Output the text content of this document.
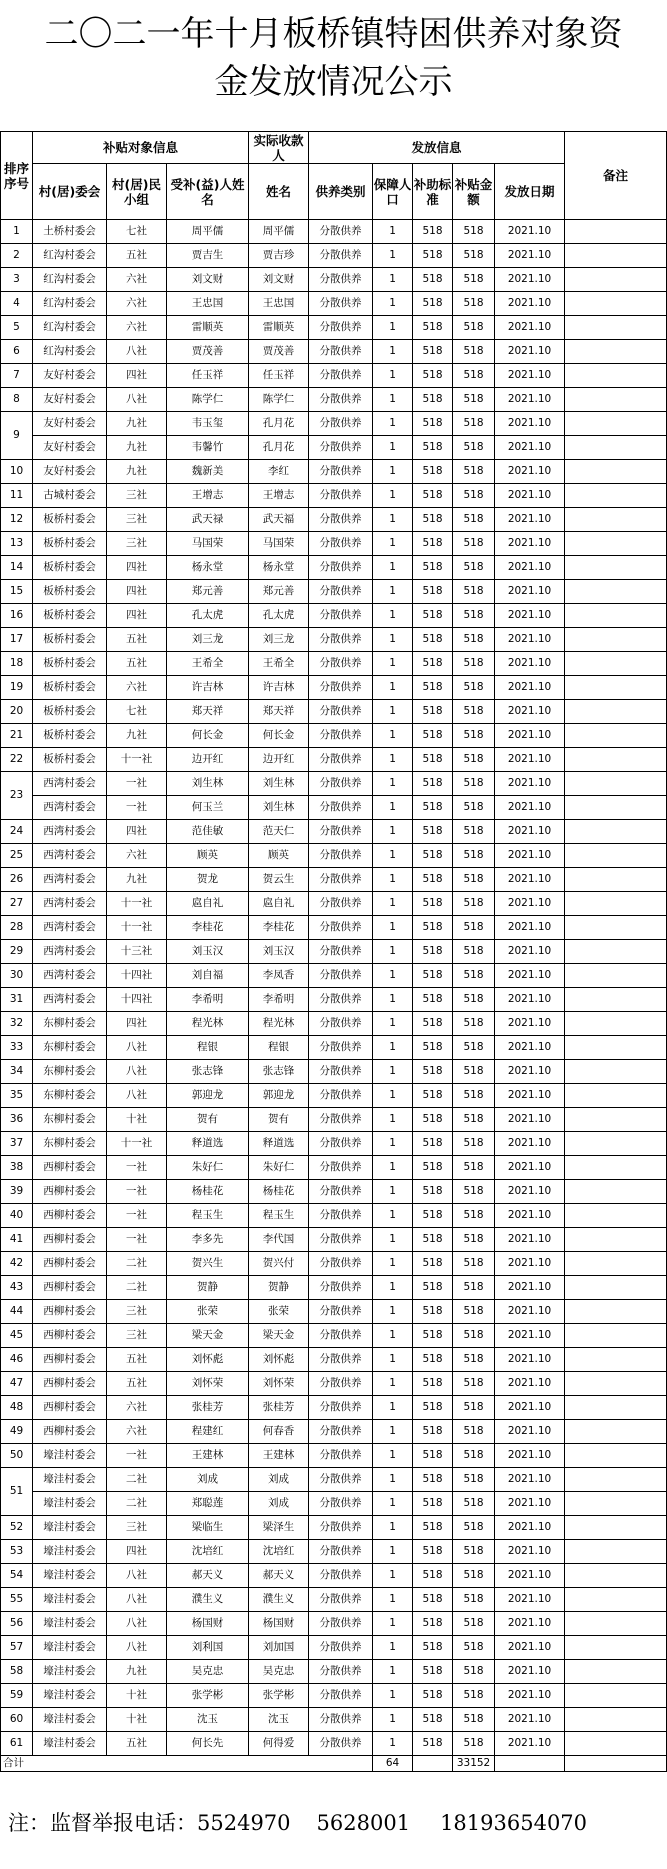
二〇二一年十月板桥镇特困供养对象资
金发放情况公示
排序序号	补贴对象信息			实际收款人	发放信息					备注
	村(居)委会	村(居)民小组	受补(益)人姓名	姓名	供养类别	保障人口	补助标准	补贴金额	发放日期	
1	土桥村委会	七社	周平儒	周平儒	分散供养	1	518	518	2021.10	
2	红沟村委会	五社	贾吉生	贾吉珍	分散供养	1	518	518	2021.10	
3	红沟村委会	六社	刘文财	刘文财	分散供养	1	518	518	2021.10	
4	红沟村委会	六社	王忠国	王忠国	分散供养	1	518	518	2021.10	
5	红沟村委会	六社	雷顺英	雷顺英	分散供养	1	518	518	2021.10	
6	红沟村委会	八社	贾茂善	贾茂善	分散供养	1	518	518	2021.10	
7	友好村委会	四社	任玉祥	任玉祥	分散供养	1	518	518	2021.10	
8	友好村委会	八社	陈学仁	陈学仁	分散供养	1	518	518	2021.10	
9	友好村委会	九社	韦玉玺	孔月花	分散供养	1	518	518	2021.10	
	友好村委会	九社	韦馨竹	孔月花	分散供养	1	518	518	2021.10	
10	友好村委会	九社	魏新美	李红	分散供养	1	518	518	2021.10	
11	古城村委会	三社	王增志	王增志	分散供养	1	518	518	2021.10	
12	板桥村委会	三社	武天禄	武天福	分散供养	1	518	518	2021.10	
13	板桥村委会	三社	马国荣	马国荣	分散供养	1	518	518	2021.10	
14	板桥村委会	四社	杨永堂	杨永堂	分散供养	1	518	518	2021.10	
15	板桥村委会	四社	郑元善	郑元善	分散供养	1	518	518	2021.10	
16	板桥村委会	四社	孔太虎	孔太虎	分散供养	1	518	518	2021.10	
17	板桥村委会	五社	刘三龙	刘三龙	分散供养	1	518	518	2021.10	
18	板桥村委会	五社	王希全	王希全	分散供养	1	518	518	2021.10	
19	板桥村委会	六社	许吉林	许吉林	分散供养	1	518	518	2021.10	
20	板桥村委会	七社	郑天祥	郑天祥	分散供养	1	518	518	2021.10	
21	板桥村委会	九社	何长金	何长金	分散供养	1	518	518	2021.10	
22	板桥村委会	十一社	边开红	边开红	分散供养	1	518	518	2021.10	
23	西湾村委会	一社	刘生林	刘生林	分散供养	1	518	518	2021.10	
	西湾村委会	一社	何玉兰	刘生林	分散供养	1	518	518	2021.10	
24	西湾村委会	四社	范佳敏	范天仁	分散供养	1	518	518	2021.10	
25	西湾村委会	六社	顾英	顾英	分散供养	1	518	518	2021.10	
26	西湾村委会	九社	贺龙	贺云生	分散供养	1	518	518	2021.10	
27	西湾村委会	十一社	扈自礼	扈自礼	分散供养	1	518	518	2021.10	
28	西湾村委会	十一社	李桂花	李桂花	分散供养	1	518	518	2021.10	
29	西湾村委会	十三社	刘玉汉	刘玉汉	分散供养	1	518	518	2021.10	
30	西湾村委会	十四社	刘自福	李凤香	分散供养	1	518	518	2021.10	
31	西湾村委会	十四社	李希明	李希明	分散供养	1	518	518	2021.10	
32	东柳村委会	四社	程光林	程光林	分散供养	1	518	518	2021.10	
33	东柳村委会	八社	程银	程银	分散供养	1	518	518	2021.10	
34	东柳村委会	八社	张志锋	张志锋	分散供养	1	518	518	2021.10	
35	东柳村委会	八社	郭迎龙	郭迎龙	分散供养	1	518	518	2021.10	
36	东柳村委会	十社	贺有	贺有	分散供养	1	518	518	2021.10	
37	东柳村委会	十一社	释道选	释道选	分散供养	1	518	518	2021.10	
38	西柳村委会	一社	朱好仁	朱好仁	分散供养	1	518	518	2021.10	
39	西柳村委会	一社	杨桂花	杨桂花	分散供养	1	518	518	2021.10	
40	西柳村委会	一社	程玉生	程玉生	分散供养	1	518	518	2021.10	
41	西柳村委会	一社	李多先	李代国	分散供养	1	518	518	2021.10	
42	西柳村委会	二社	贺兴生	贺兴付	分散供养	1	518	518	2021.10	
43	西柳村委会	二社	贺静	贺静	分散供养	1	518	518	2021.10	
44	西柳村委会	三社	张荣	张荣	分散供养	1	518	518	2021.10	
45	西柳村委会	三社	梁天金	梁天金	分散供养	1	518	518	2021.10	
46	西柳村委会	五社	刘怀彪	刘怀彪	分散供养	1	518	518	2021.10	
47	西柳村委会	五社	刘怀荣	刘怀荣	分散供养	1	518	518	2021.10	
48	西柳村委会	六社	张桂芳	张桂芳	分散供养	1	518	518	2021.10	
49	西柳村委会	六社	程建红	何春香	分散供养	1	518	518	2021.10	
50	壕洼村委会	一社	王建林	王建林	分散供养	1	518	518	2021.10	
51	壕洼村委会	二社	刘成	刘成	分散供养	1	518	518	2021.10	
	壕洼村委会	二社	郑聪莲	刘成	分散供养	1	518	518	2021.10	
52	壕洼村委会	三社	梁临生	梁泽生	分散供养	1	518	518	2021.10	
53	壕洼村委会	四社	沈培红	沈培红	分散供养	1	518	518	2021.10	
54	壕洼村委会	八社	郝天义	郝天义	分散供养	1	518	518	2021.10	
55	壕洼村委会	八社	濮生义	濮生义	分散供养	1	518	518	2021.10	
56	壕洼村委会	八社	杨国财	杨国财	分散供养	1	518	518	2021.10	
57	壕洼村委会	八社	刘利国	刘加国	分散供养	1	518	518	2021.10	
58	壕洼村委会	九社	吴克忠	吴克忠	分散供养	1	518	518	2021.10	
59	壕洼村委会	十社	张学彬	张学彬	分散供养	1	518	518	2021.10	
60	壕洼村委会	十社	沈玉	沈玉	分散供养	1	518	518	2021.10	
61	壕洼村委会	五社	何长先	何得爱	分散供养	1	518	518	2021.10	
合计						64		33152		
注：监督举报电话：5524970 5628001 18193654070
